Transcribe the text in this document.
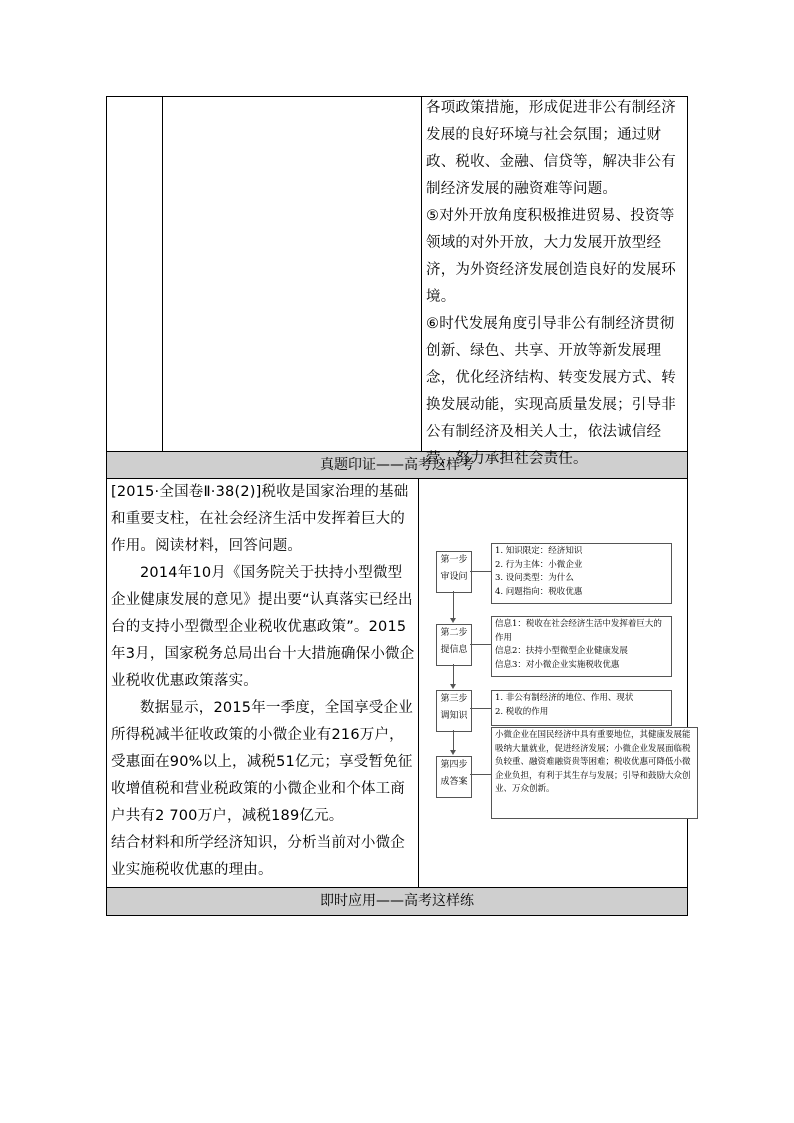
真题印证——高考这样考
即时应用——高考这样练

各项政策措施，形成促进非公有制经济发展的良好环境与社会氛围；通过财政、税收、金融、信贷等，解决非公有制经济发展的融资难等问题。

⑤对外开放角度积极推进贸易、投资等领域的对外开放，大力发展开放型经济，为外资经济发展创造良好的发展环境。

⑥时代发展角度引导非公有制经济贯彻创新、绿色、共享、开放等新发展理念，优化经济结构、转变发展方式、转换发展动能，实现高质量发展；引导非公有制经济及相关人士，依法诚信经营，努力承担社会责任。

[2015·全国卷Ⅱ·38(2)]税收是国家治理的基础和重要支柱，在社会经济生活中发挥着巨大的作用。阅读材料，回答问题。

2014年10月《国务院关于扶持小型微型企业健康发展的意见》提出要“认真落实已经出台的支持小型微型企业税收优惠政策”。2015年3月，国家税务总局出台十大措施确保小微企业税收优惠政策落实。

数据显示，2015年一季度，全国享受企业所得税减半征收政策的小微企业有216万户，受惠面在90%以上，减税51亿元；享受暂免征收增值税和营业税政策的小微企业和个体工商户共有2 700万户，减税189亿元。

结合材料和所学经济知识，分析当前对小微企业实施税收优惠的理由。

第一步
审设问

1. 知识限定：经济知识

2. 行为主体：小微企业

3. 设问类型：为什么

4. 问题指向：税收优惠

第二步
提信息

信息1：税收在社会经济生活中发挥着巨大的作用

信息2：扶持小型微型企业健康发展

信息3：对小微企业实施税收优惠

第三步
调知识

1. 非公有制经济的地位、作用、现状

2. 税收的作用

第四步
成答案

小微企业在国民经济中具有重要地位，其健康发展能吸纳大量就业，促进经济发展；小微企业发展面临税负较重、融资难融资贵等困难；税收优惠可降低小微企业负担，有利于其生存与发展；引导和鼓励大众创业、万众创新。
